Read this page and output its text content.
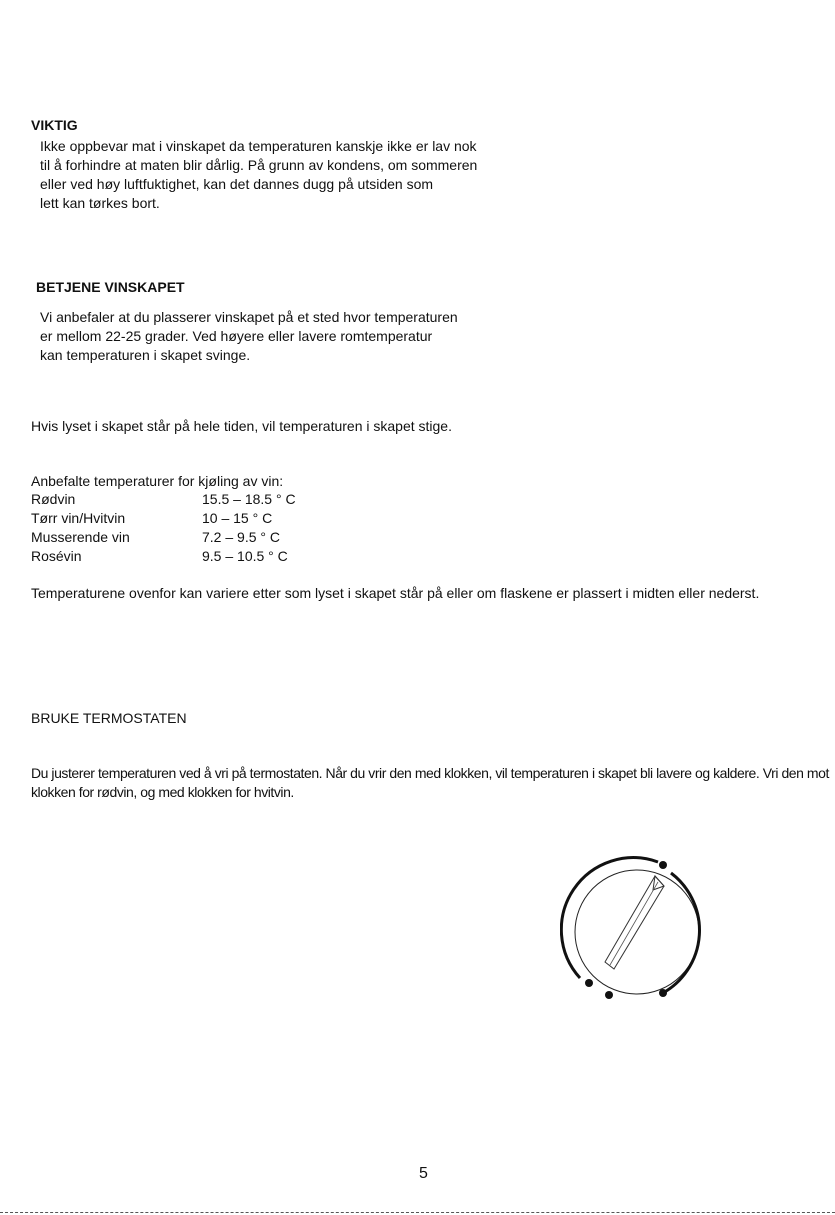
VIKTIG
Ikke oppbevar mat i vinskapet da temperaturen kanskje ikke er lav nok
til å forhindre at maten blir dårlig. På grunn av kondens, om sommeren
eller ved høy luftfuktighet, kan det dannes dugg på utsiden som
lett kan tørkes bort.
BETJENE VINSKAPET
Vi anbefaler at du plasserer vinskapet på et sted hvor temperaturen
er mellom 22-25 grader. Ved høyere eller lavere romtemperatur
kan temperaturen i skapet svinge.
Hvis lyset i skapet står på hele tiden, vil temperaturen i skapet stige.
Anbefalte temperaturer for kjøling av vin:
Rødvin	15.5 – 18.5 ° C
Tørr vin/Hvitvin	10 – 15 ° C
Musserende vin	7.2 – 9.5 ° C
Rosévin	9.5 – 10.5 ° C
Temperaturene ovenfor kan variere etter som lyset i skapet står på eller om flaskene er plassert i midten eller nederst.
BRUKE TERMOSTATEN
Du justerer temperaturen ved å vri på termostaten. Når du vrir den med klokken, vil temperaturen i skapet bli lavere og kaldere. Vri den mot klokken for rødvin, og med klokken for hvitvin.
5
